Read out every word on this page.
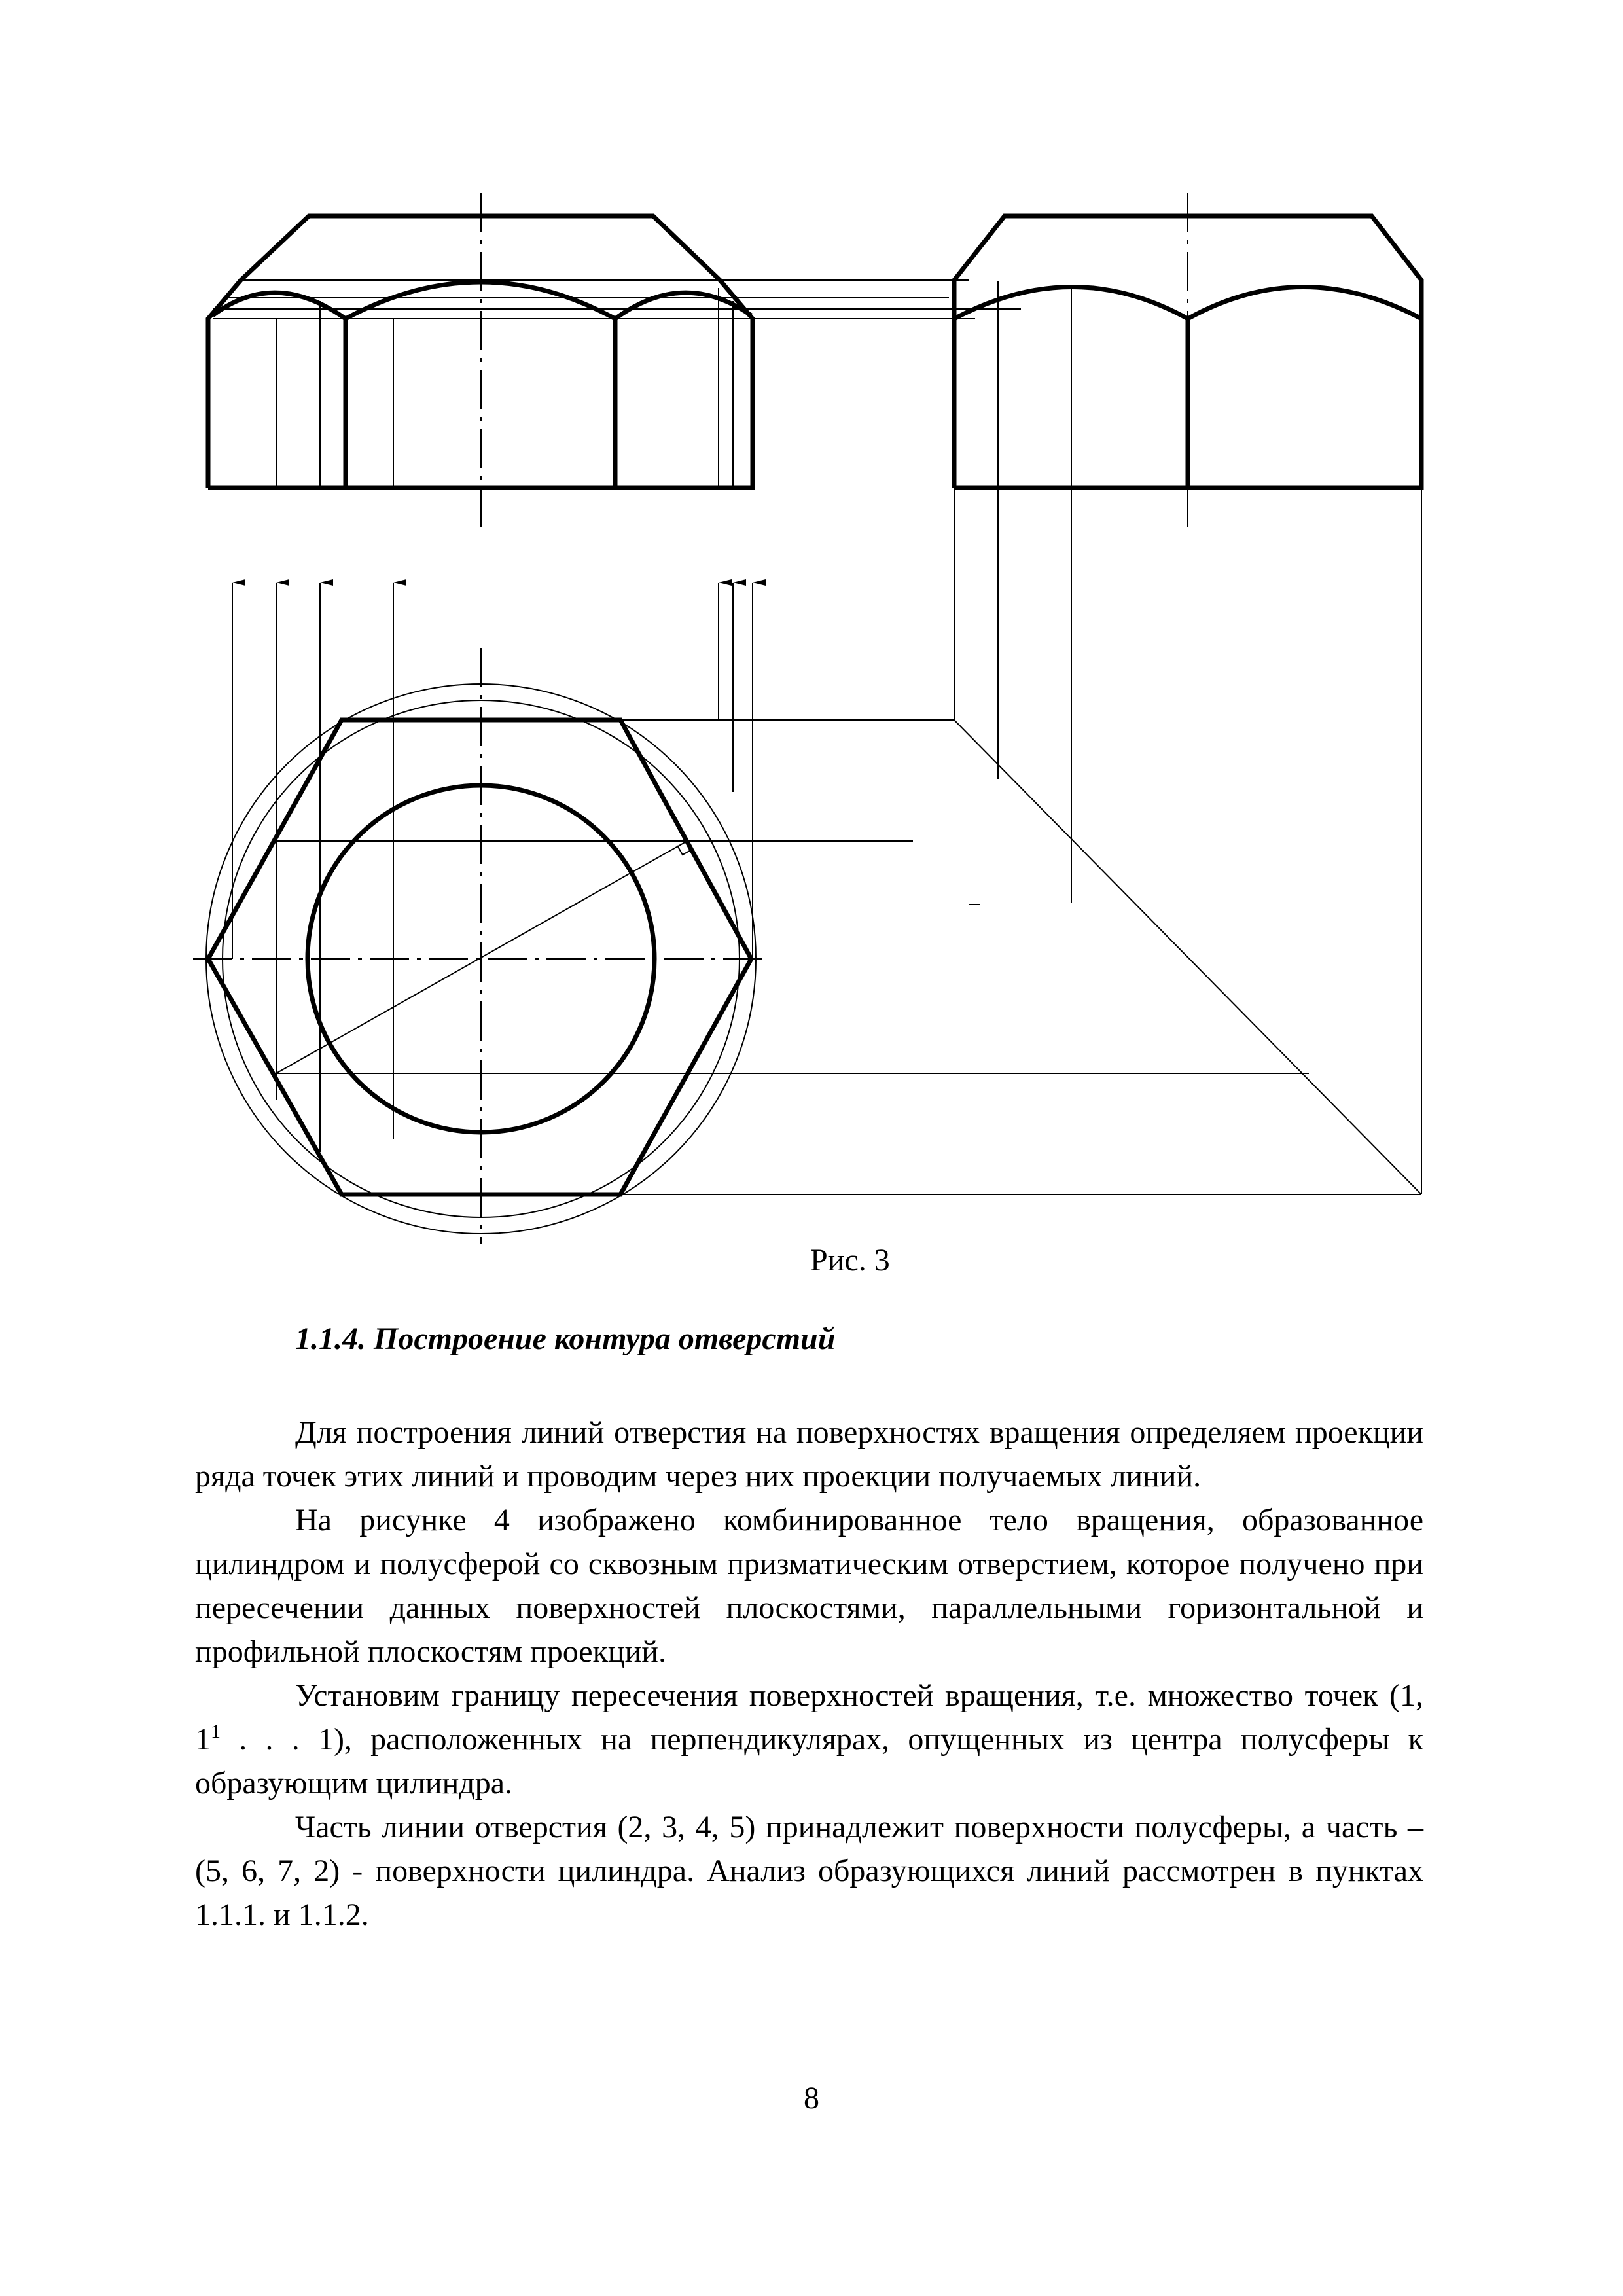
Рис. 3
1.1.4. Построение контура отверстий

Для построения линий отверстия на поверхностях вращения определяем проекции ряда точек этих линий и проводим через них проекции получаемых линий.

На рисунке 4 изображено комбинированное тело вращения, образованное цилиндром и полусферой со сквозным призматическим отверстием, которое получено при пересечении данных поверхностей плоскостями, параллельными горизонтальной и профильной плоскостям проекций.

Установим границу пересечения поверхностей вращения, т.е. множество точек (1, $1^1$ . . . 1), расположенных на перпендикулярах, опущенных из центра полусферы к образующим цилиндра.

Часть линии отверстия (2, 3, 4, 5) принадлежит поверхности полусферы, а часть – (5, 6, 7, 2) - поверхности цилиндра. Анализ образующихся линий рассмотрен в пунктах 1.1.1. и 1.1.2.

8
